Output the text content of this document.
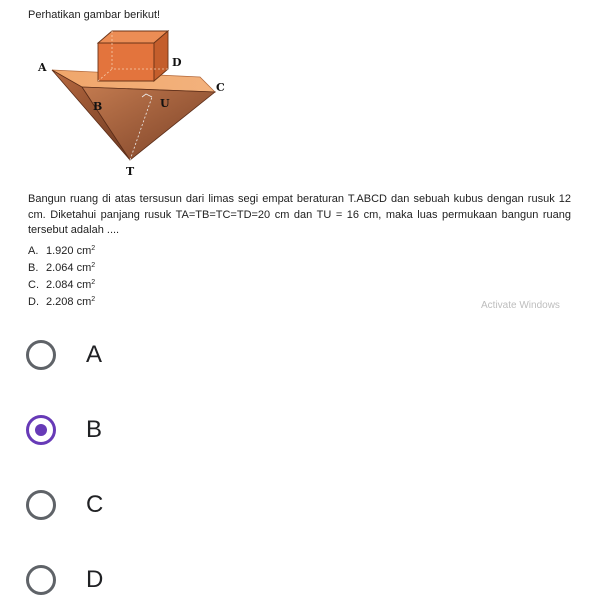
Perhatikan gambar berikut!
A
B
C
D
T
U
Bangun ruang di atas tersusun dari limas segi empat beraturan T.ABCD dan sebuah kubus dengan rusuk 12 cm. Diketahui panjang rusuk TA=TB=TC=TD=20 cm dan TU = 16 cm, maka luas permukaan bangun ruang tersebut adalah ....
A. 1.920 $cm^2$
B. 2.064 $cm^2$
C. 2.084 $cm^2$
D. 2.208 $cm^2$
Activate Windows
A
B
C
D
